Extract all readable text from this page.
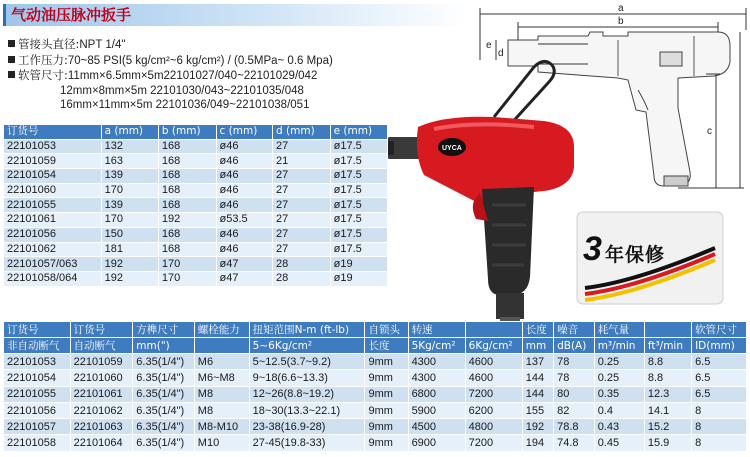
气动油压脉冲扳手
管接头直径:NPT 1/4"
工作压力:70~85 PSI(5 kg/cm²~6 kg/cm²) / (0.5MPa~ 0.6 Mpa)
软管尺寸:11mm×6.5mm×5m22101027/040~22101029/042
12mm×8mm×5m 22101030/043~22101035/048
16mm×11mm×5m 22101036/049~22101038/051
a
b
e
d
c
UYCA
3 年保修
订货号	a (mm)	b (mm)	c (mm)	d (mm)	e (mm)
22101053	132	168	ø46	27	ø17.5
22101059	163	168	ø46	21	ø17.5
22101054	139	168	ø46	27	ø17.5
22101060	170	168	ø46	27	ø17.5
22101055	139	168	ø46	27	ø17.5
22101061	170	192	ø53.5	27	ø17.5
22101056	150	168	ø46	27	ø17.5
22101062	181	168	ø46	27	ø17.5
22101057/063	192	170	ø47	28	ø19
22101058/064	192	170	ø47	28	ø19
订货号	订货号	方榫尺寸	螺栓能力	扭矩范围N-m (ft-lb)	自锁头	转速		长度	噪音	耗气量		软管尺寸
非自动断气	自动断气	mm(")		5~6Kg/cm²	长度	5Kg/cm²	6Kg/cm²	mm	dB(A)	m³/min	ft³/min	ID(mm)
22101053	22101059	6.35(1/4")	M6	5~12.5(3.7~9.2)	9mm	4300	4600	137	78	0.25	8.8	6.5
22101054	22101060	6.35(1/4")	M6~M8	9~18(6.6~13.3)	9mm	4300	4600	144	78	0.25	8.8	6.5
22101055	22101061	6.35(1/4")	M8	12~26(8.8~19.2)	9mm	6800	7200	144	80	0.35	12.3	6.5
22101056	22101062	6.35(1/4")	M8	18~30(13.3~22.1)	9mm	5900	6200	155	82	0.4	14.1	8
22101057	22101063	6.35(1/4")	M8-M10	23-38(16.9-28)	9mm	4500	4800	192	78.8	0.43	15.2	8
22101058	22101064	6.35(1/4")	M10	27-45(19.8-33)	9mm	6900	7200	194	74.8	0.45	15.9	8
